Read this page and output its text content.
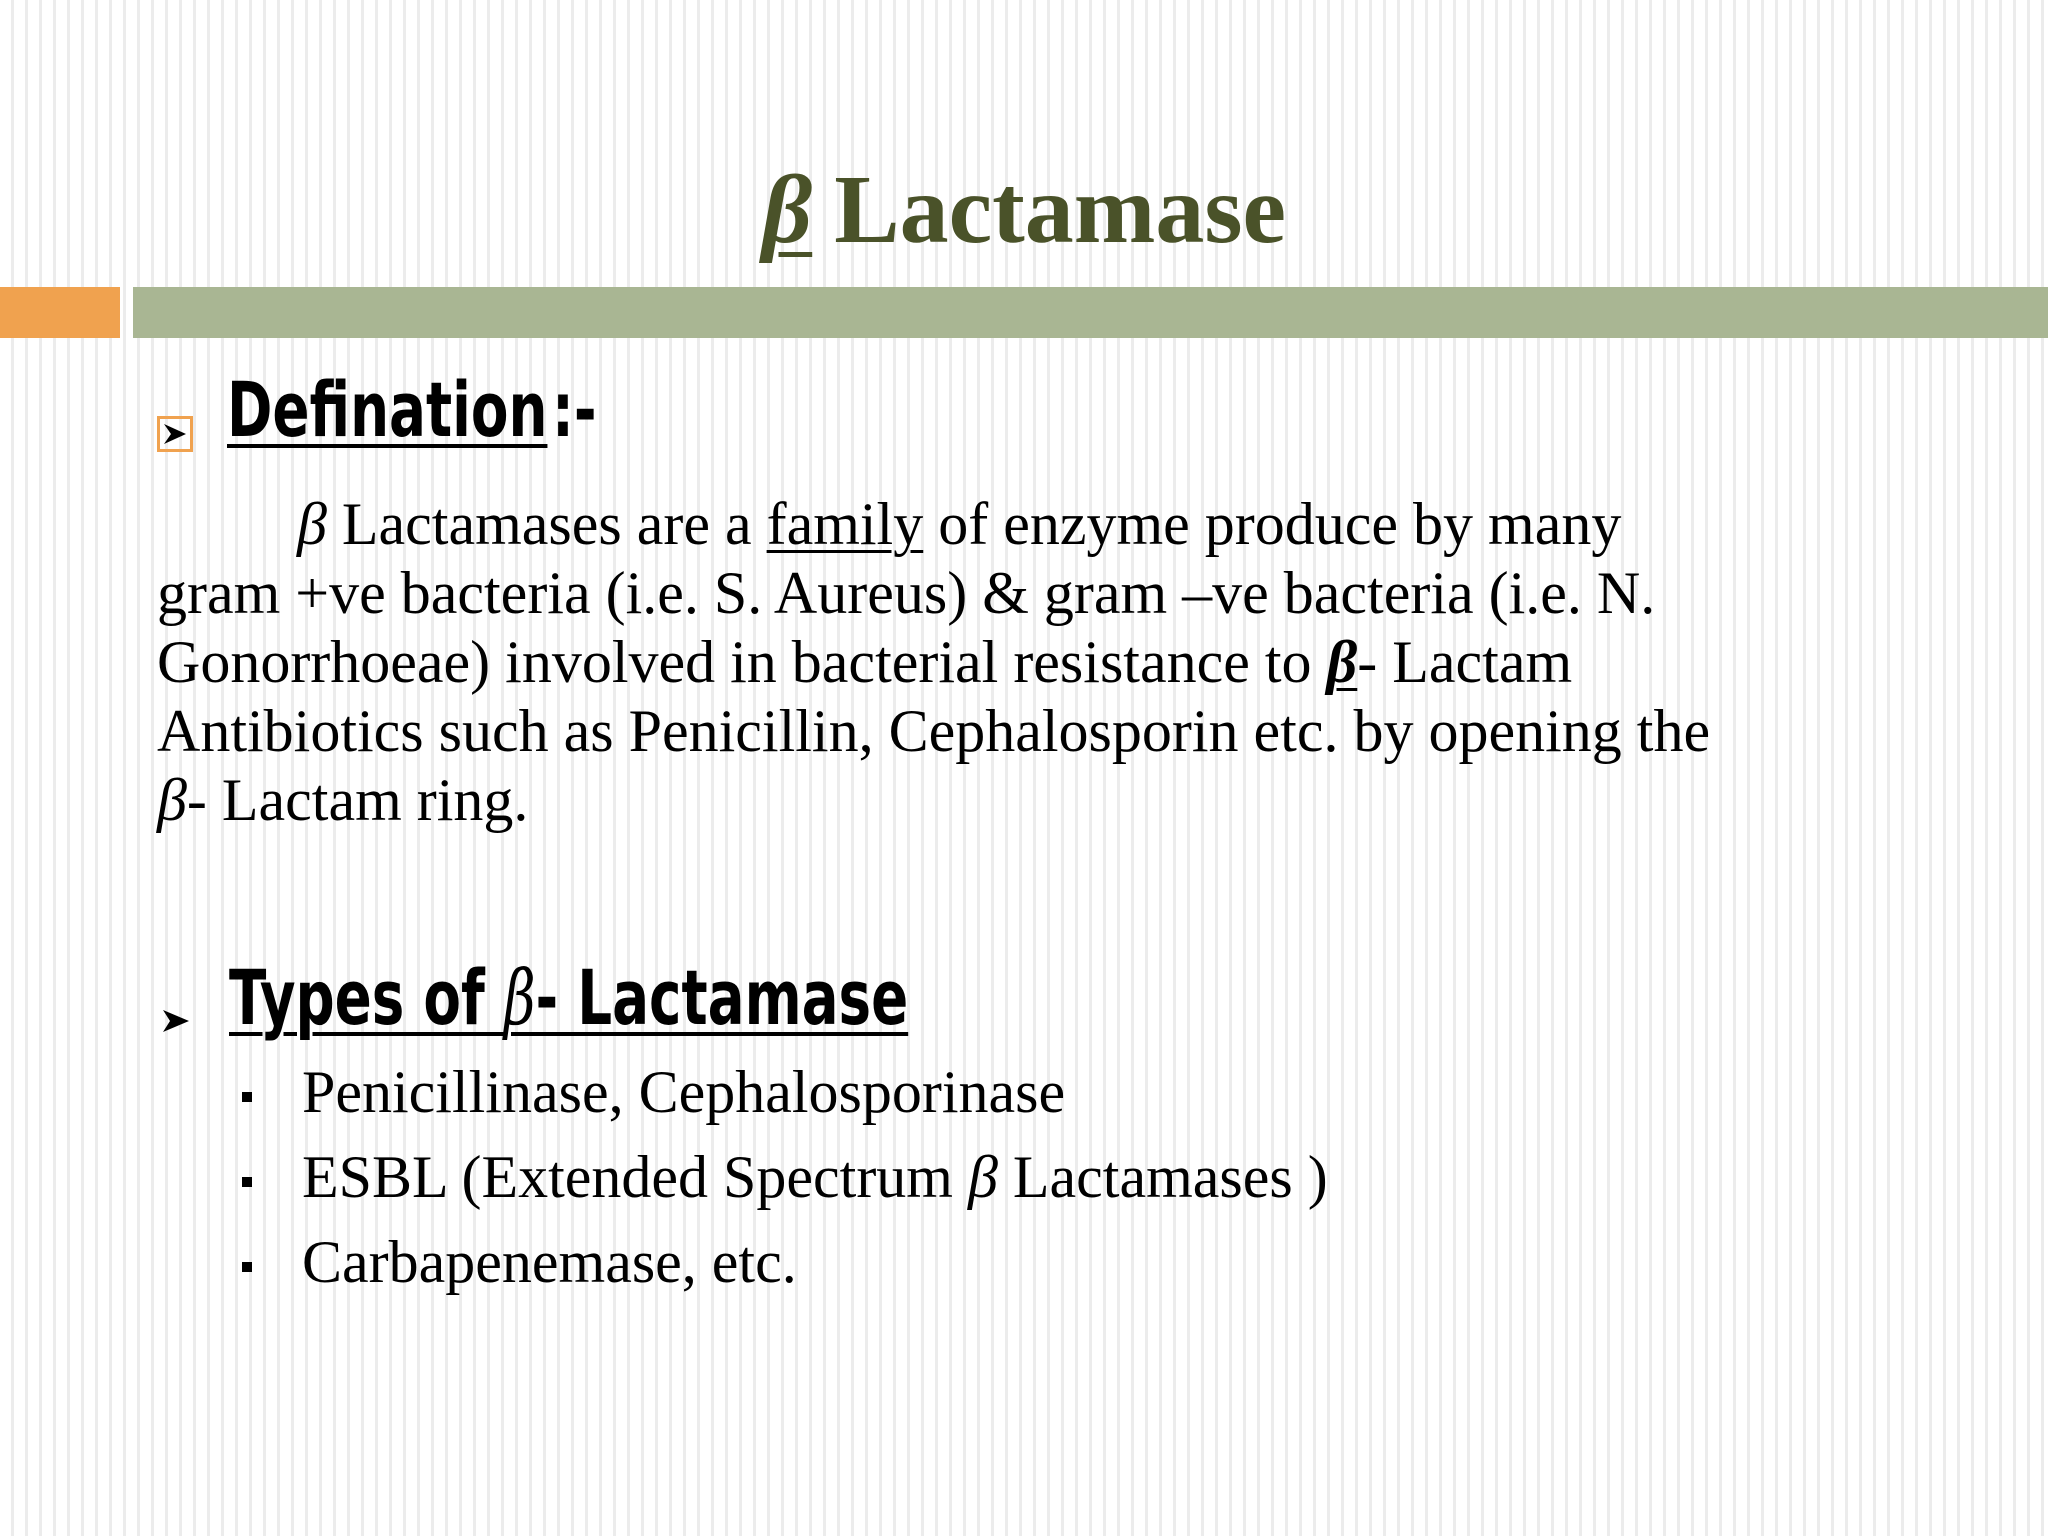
β Lactamase
Defination :-
β Lactamases are a family of enzyme produce by many
gram +ve bacteria (i.e. S. Aureus) & gram –ve bacteria (i.e. N.
Gonorrhoeae) involved in bacterial resistance to β- Lactam
Antibiotics such as Penicillin, Cephalosporin etc. by opening the
β- Lactam ring.
Types of β- Lactamase
Penicillinase, Cephalosporinase
ESBL (Extended Spectrum β Lactamases )
Carbapenemase, etc.
